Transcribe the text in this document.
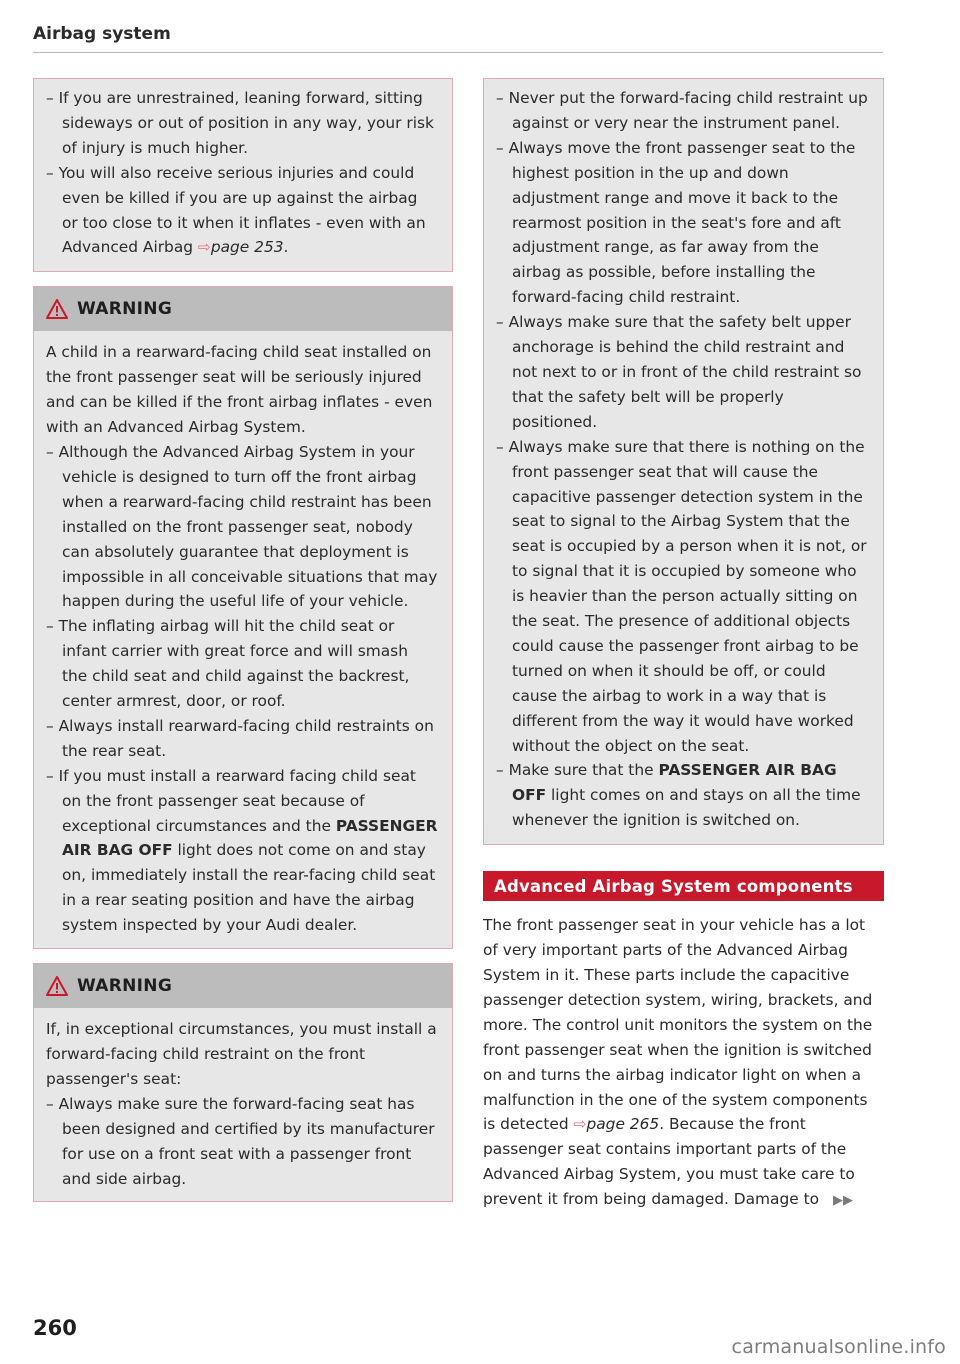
Airbag system
– If you are unrestrained, leaning forward, sitting sideways or out of position in any way, your risk of injury is much higher.
– You will also receive serious injuries and could even be killed if you are up against the airbag or too close to it when it inflates - even with an Advanced Airbag ⇨page 253.
WARNING
A child in a rearward-facing child seat installed on the front passenger seat will be seriously injured and can be killed if the front airbag inflates - even with an Advanced Airbag System.
– Although the Advanced Airbag System in your vehicle is designed to turn off the front airbag when a rearward-facing child restraint has been installed on the front passenger seat, nobody can absolutely guarantee that deployment is impossible in all conceivable situations that may happen during the useful life of your vehicle.
– The inflating airbag will hit the child seat or infant carrier with great force and will smash the child seat and child against the backrest, center armrest, door, or roof.
– Always install rearward-facing child restraints on the rear seat.
– If you must install a rearward facing child seat on the front passenger seat because of exceptional circumstances and the PASSENGER AIR BAG OFF light does not come on and stay on, immediately install the rear-facing child seat in a rear seating position and have the airbag system inspected by your Audi dealer.
WARNING
If, in exceptional circumstances, you must install a forward-facing child restraint on the front passenger's seat:
– Always make sure the forward-facing seat has been designed and certified by its manufacturer for use on a front seat with a passenger front and side airbag.
– Never put the forward-facing child restraint up against or very near the instrument panel.
– Always move the front passenger seat to the highest position in the up and down adjustment range and move it back to the rearmost position in the seat's fore and aft adjustment range, as far away from the airbag as possible, before installing the forward-facing child restraint.
– Always make sure that the safety belt upper anchorage is behind the child restraint and not next to or in front of the child restraint so that the safety belt will be properly positioned.
– Always make sure that there is nothing on the front passenger seat that will cause the capacitive passenger detection system in the seat to signal to the Airbag System that the seat is occupied by a person when it is not, or to signal that it is occupied by someone who is heavier than the person actually sitting on the seat. The presence of additional objects could cause the passenger front airbag to be turned on when it should be off, or could cause the airbag to work in a way that is different from the way it would have worked without the object on the seat.
– Make sure that the PASSENGER AIR BAG OFF light comes on and stays on all the time whenever the ignition is switched on.
Advanced Airbag System components
The front passenger seat in your vehicle has a lot of very important parts of the Advanced Airbag System in it. These parts include the capacitive passenger detection system, wiring, brackets, and more. The control unit monitors the system on the front passenger seat when the ignition is switched on and turns the airbag indicator light on when a malfunction in the one of the system components is detected ⇨page 265. Because the front passenger seat contains important parts of the Advanced Airbag System, you must take care to prevent it from being damaged. Damage to ▶▶
260
carmanualsonline.info
